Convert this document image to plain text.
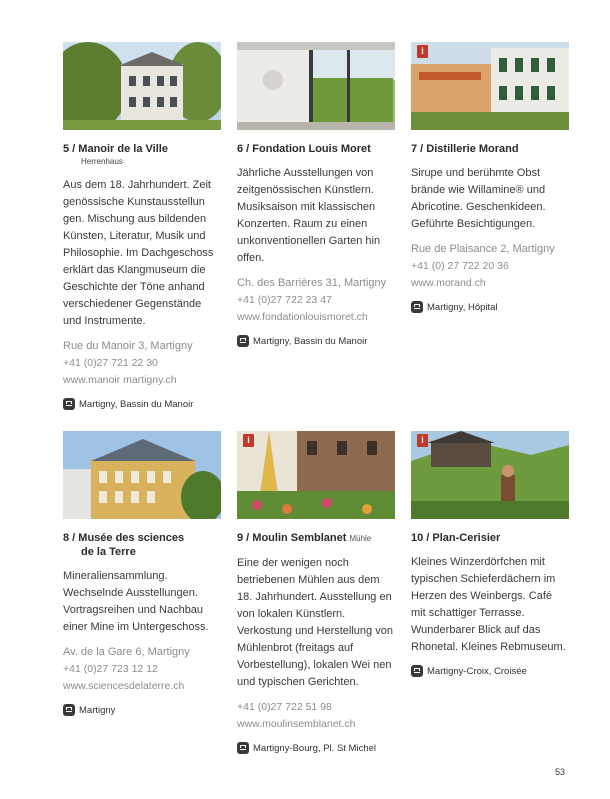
5 / Manoir de la Ville
Herrenhaus
Aus dem 18. Jahrhundert. Zeit genössische Kunstausstellun gen. Mischung aus bildenden Künsten, Literatur, Musik und Philosophie. Im Dachgeschoss erklärt das Klangmuseum die Geschichte der Töne anhand verschiedener Gegenstände und Instrumente.
Rue du Manoir 3, Martigny
+41 (0)27 721 22 30
www.manoir martigny.ch
Martigny, Bassin du Manoir
6 / Fondation Louis Moret
Jährliche Ausstellungen von zeitgenössischen Künstlern. Musiksaison mit klassischen Konzerten. Raum zu einen unkonventionellen Garten hin offen.
Ch. des Barrières 31, Martigny
+41 (0)27 722 23 47
www.fondationlouismoret.ch
Martigny, Bassin du Manoir
i
7 / Distillerie Morand
Sirupe und berühmte Obst brände wie Willamine® und Abricotine. Geschenkideen. Geführte Besichtigungen.
Rue de Plaisance 2, Martigny
+41 (0) 27 722 20 36
www.morand.ch
Martigny, Hôpital
8 / Musée des sciences
de la Terre
Mineraliensammlung. Wechselnde Ausstellungen. Vortragsreihen und Nachbau einer Mine im Untergeschoss.
Av. de la Gare 6, Martigny
+41 (0)27 723 12 12
www.sciencesdelaterre.ch
Martigny
i
9 / Moulin Semblanet Mühle
Eine der wenigen noch betriebenen Mühlen aus dem 18. Jahrhundert. Ausstellung en von lokalen Künstlern. Verkostung und Herstellung von Mühlenbrot (freitags auf Vorbestellung), lokalen Wei nen und typischen Gerichten.
+41 (0)27 722 51 98
www.moulinsemblanet.ch
Martigny-Bourg, Pl. St Michel
i
10 / Plan-Cerisier
Kleines Winzerdörfchen mit typischen Schieferdächern im Herzen des Weinbergs. Café mit schattiger Terrasse. Wunderbarer Blick auf das Rhonetal. Kleines Rebmuseum.
Martigny-Croix, Croisée
53
